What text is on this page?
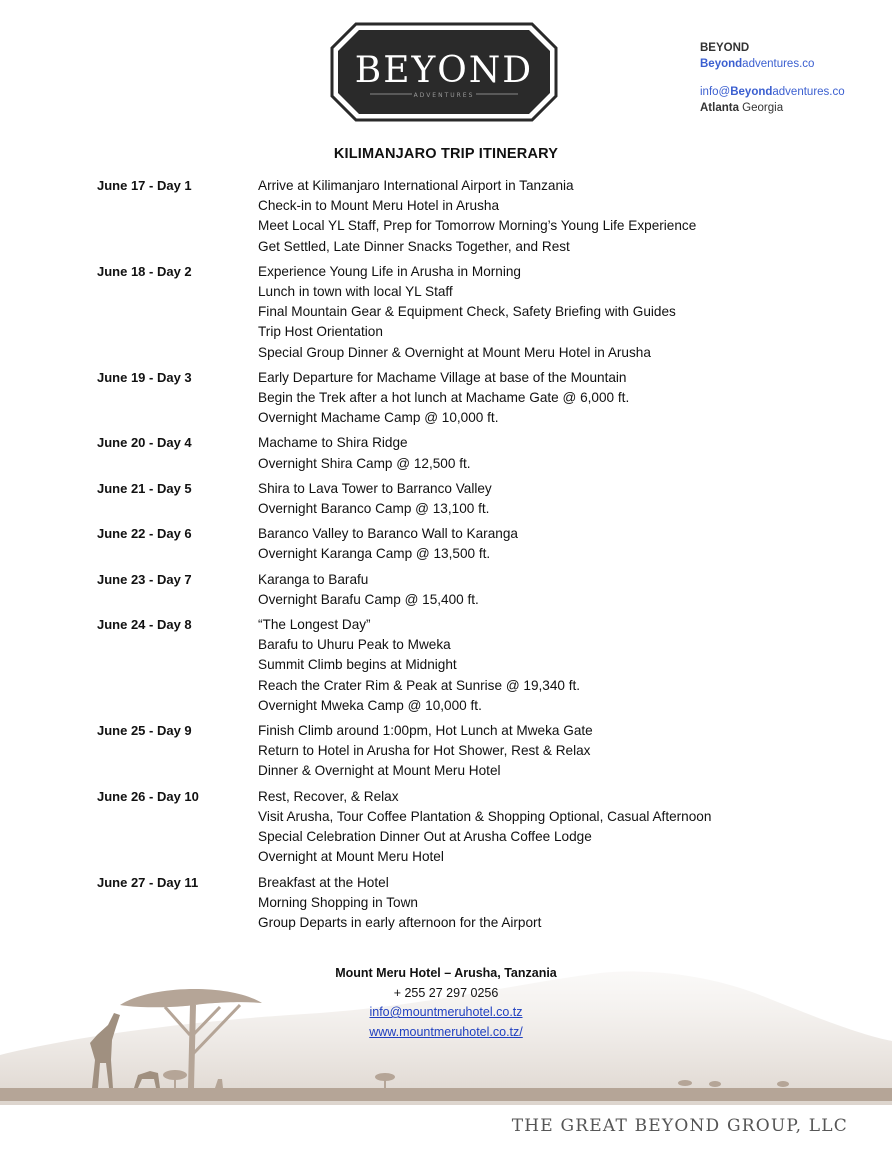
BEYOND
ADVENTURES
BEYOND
Beyondadventures.co
info@Beyondadventures.co
Atlanta Georgia
KILIMANJARO TRIP ITINERARY
June 17 - Day 1	Arrive at Kilimanjaro International Airport in Tanzania
Check-in to Mount Meru Hotel in Arusha
Meet Local YL Staff, Prep for Tomorrow Morning’s Young Life Experience
Get Settled, Late Dinner Snacks Together, and Rest
June 18 - Day 2	Experience Young Life in Arusha in Morning
Lunch in town with local YL Staff
Final Mountain Gear & Equipment Check, Safety Briefing with Guides
Trip Host Orientation
Special Group Dinner & Overnight at Mount Meru Hotel in Arusha
June 19 - Day 3	Early Departure for Machame Village at base of the Mountain
Begin the Trek after a hot lunch at Machame Gate @ 6,000 ft.
Overnight Machame Camp @ 10,000 ft.
June 20 - Day 4	Machame to Shira Ridge
Overnight Shira Camp @ 12,500 ft.
June 21 - Day 5	Shira to Lava Tower to Barranco Valley
Overnight Baranco Camp @ 13,100 ft.
June 22 - Day 6	Baranco Valley to Baranco Wall to Karanga
Overnight Karanga Camp @ 13,500 ft.
June 23 - Day 7	Karanga to Barafu
Overnight Barafu Camp @ 15,400 ft.
June 24 - Day 8	“The Longest Day”
Barafu to Uhuru Peak to Mweka
Summit Climb begins at Midnight
Reach the Crater Rim & Peak at Sunrise @ 19,340 ft.
Overnight Mweka Camp @ 10,000 ft.
June 25 - Day 9	Finish Climb around 1:00pm, Hot Lunch at Mweka Gate
Return to Hotel in Arusha for Hot Shower, Rest & Relax
Dinner & Overnight at Mount Meru Hotel
June 26 - Day 10	Rest, Recover, & Relax
Visit Arusha, Tour Coffee Plantation & Shopping Optional, Casual Afternoon
Special Celebration Dinner Out at Arusha Coffee Lodge
Overnight at Mount Meru Hotel
June 27 - Day 11	Breakfast at the Hotel
Morning Shopping in Town
Group Departs in early afternoon for the Airport
Mount Meru Hotel – Arusha, Tanzania
+ 255 27 297 0256
info@mountmeruhotel.co.tz
www.mountmeruhotel.co.tz/
THE GREAT BEYOND GROUP, LLC
